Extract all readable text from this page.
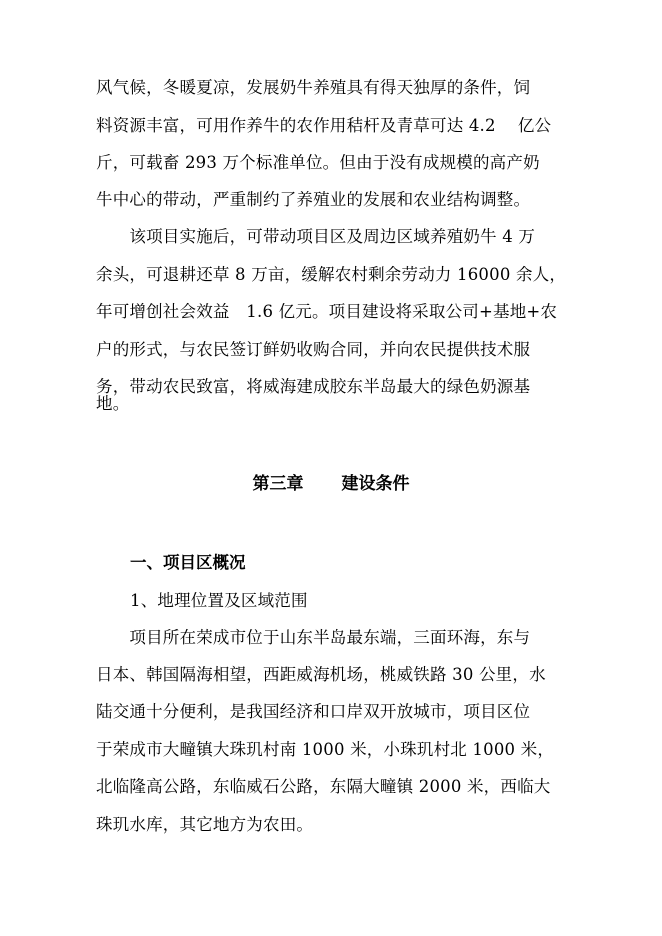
风气候，冬暖夏凉，发展奶牛养殖具有得天独厚的条件，饲
料资源丰富，可用作养牛的农作用秸杆及青草可达 4.2　 亿公
斤，可载畜 293 万个标准单位。但由于没有成规模的高产奶
牛中心的带动，严重制约了养殖业的发展和农业结构调整。
　　该项目实施后，可带动项目区及周边区域养殖奶牛 4 万
余头，可退耕还草 8 万亩，缓解农村剩余劳动力 16000 余人，
年可增创社会效益　1.6 亿元。项目建设将采取公司+基地+农
户的形式，与农民签订鲜奶收购合同，并向农民提供技术服
务，带动农民致富，将威海建成胶东半岛最大的绿色奶源基
地。
第三章 建设条件
一、项目区概况
1、地理位置及区域范围
　　项目所在荣成市位于山东半岛最东端，三面环海，东与
日本、韩国隔海相望，西距威海机场，桃威铁路 30 公里，水
陆交通十分便利，是我国经济和口岸双开放城市，项目区位
于荣成市大疃镇大珠玑村南 1000 米，小珠玑村北 1000 米，
北临隆高公路，东临威石公路，东隔大疃镇 2000 米，西临大
珠玑水库，其它地方为农田。
